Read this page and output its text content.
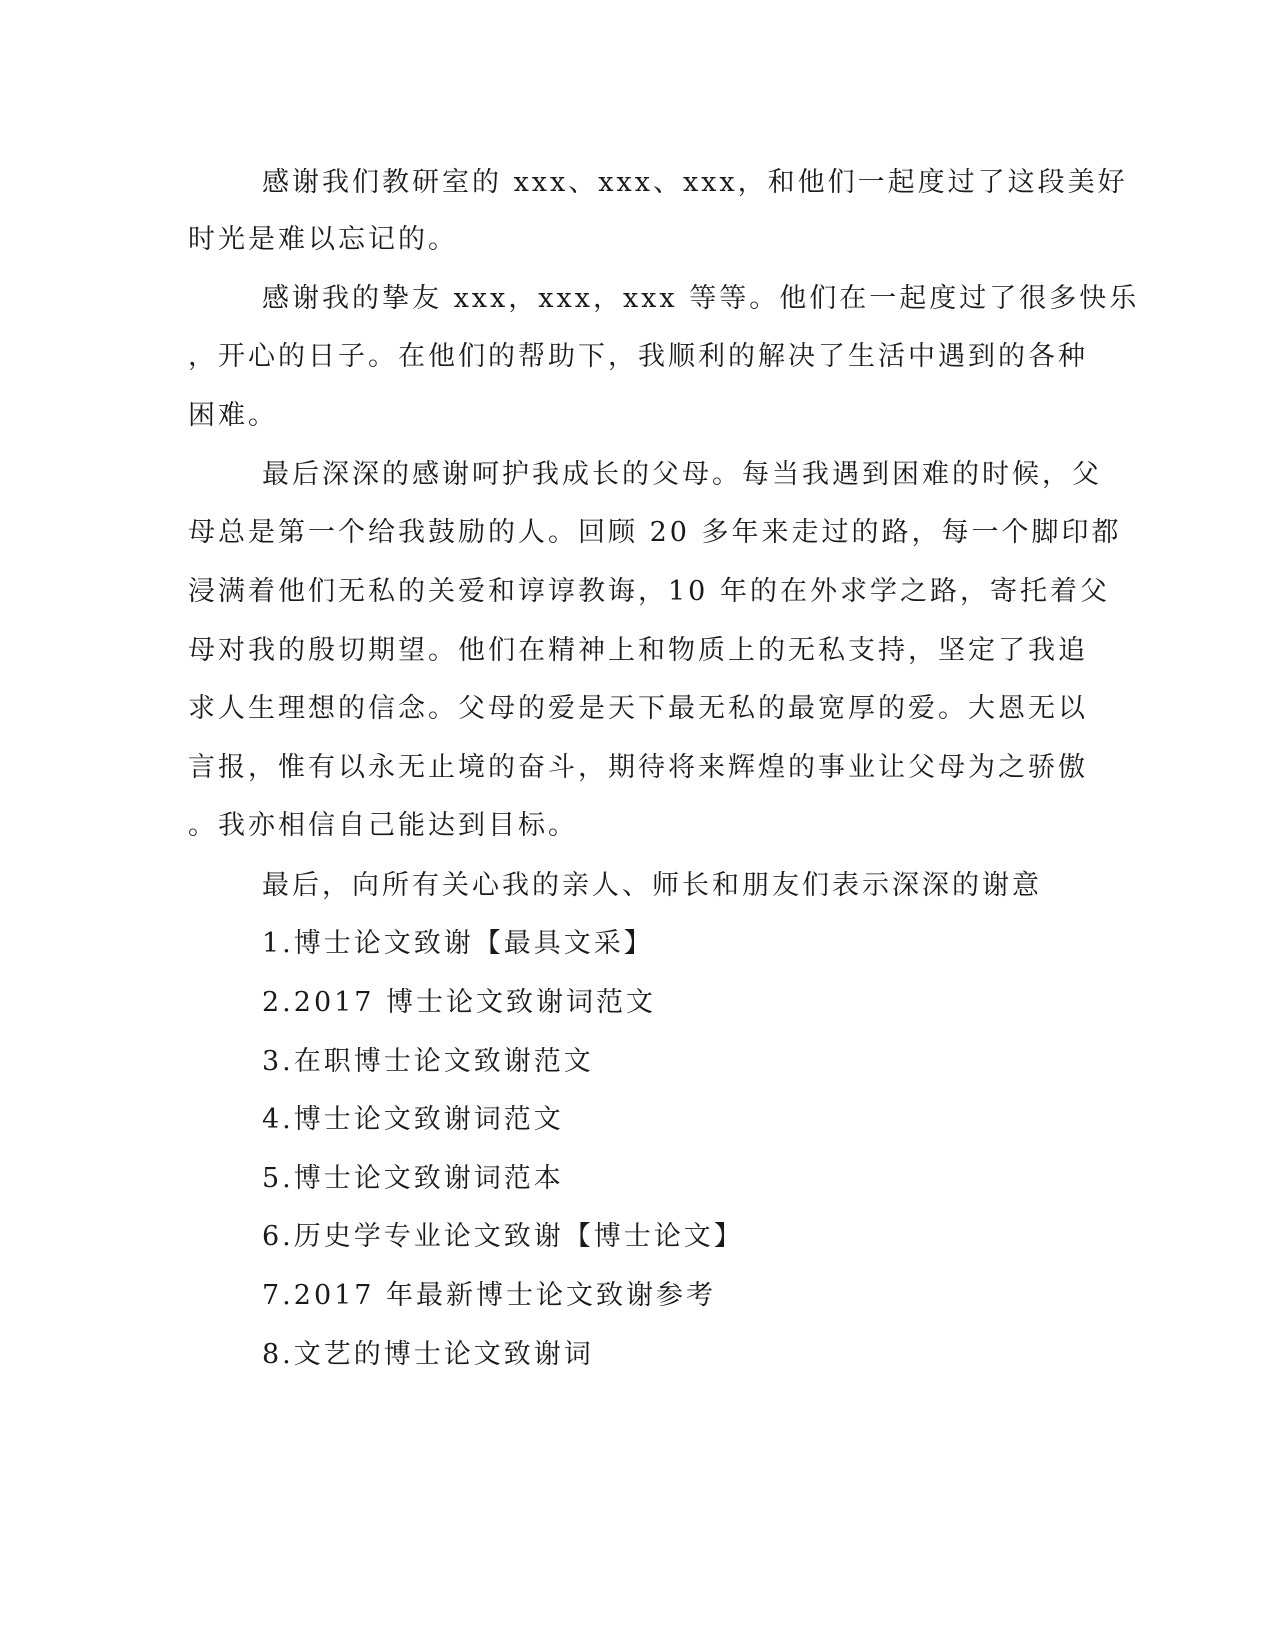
感谢我们教研室的 xxx、xxx、xxx，和他们一起度过了这段美好
时光是难以忘记的。
感谢我的挚友 xxx，xxx，xxx 等等。他们在一起度过了很多快乐
，开心的日子。在他们的帮助下，我顺利的解决了生活中遇到的各种
困难。
最后深深的感谢呵护我成长的父母。每当我遇到困难的时候，父
母总是第一个给我鼓励的人。回顾 20 多年来走过的路，每一个脚印都
浸满着他们无私的关爱和谆谆教诲，10 年的在外求学之路，寄托着父
母对我的殷切期望。他们在精神上和物质上的无私支持，坚定了我追
求人生理想的信念。父母的爱是天下最无私的最宽厚的爱。大恩无以
言报，惟有以永无止境的奋斗，期待将来辉煌的事业让父母为之骄傲
。我亦相信自己能达到目标。
最后，向所有关心我的亲人、师长和朋友们表示深深的谢意
1.博士论文致谢【最具文采】
2.2017 博士论文致谢词范文
3.在职博士论文致谢范文
4.博士论文致谢词范文
5.博士论文致谢词范本
6.历史学专业论文致谢【博士论文】
7.2017 年最新博士论文致谢参考
8.文艺的博士论文致谢词
